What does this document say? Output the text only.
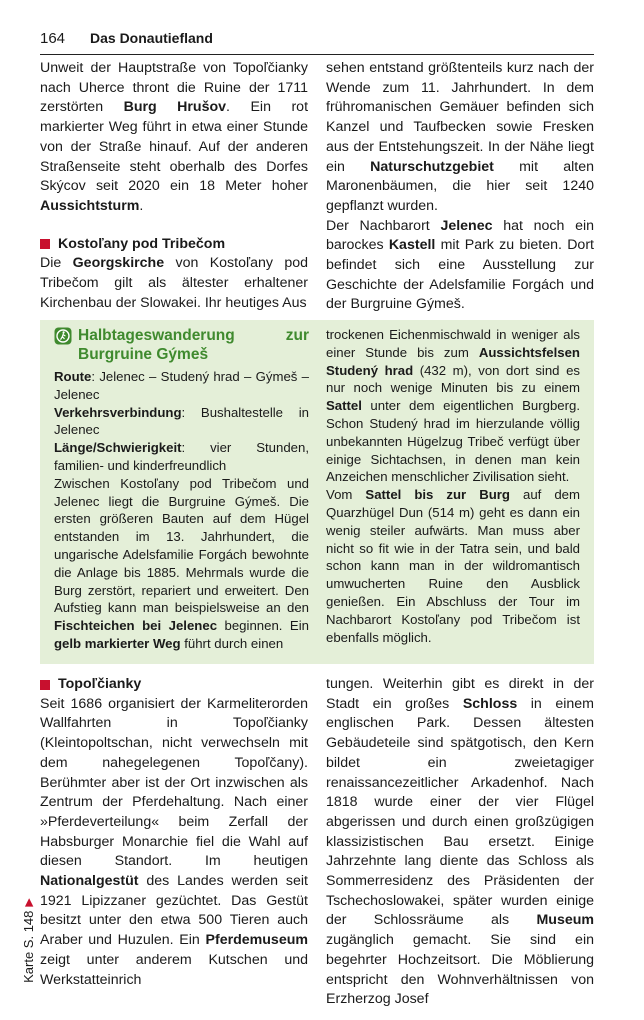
164 Das Donautiefland

Unweit der Hauptstraße von Topoľčianky nach Uherce thront die Ruine der 1711 zerstörten Burg Hrušov. Ein rot markierter Weg führt in etwa einer Stunde von der Straße hinauf. Auf der anderen Straßenseite steht oberhalb des Dorfes Skýcov seit 2020 ein 18 Meter hoher Aussichtsturm.

Kostoľany pod Tribečom

Die Georgskirche von Kostoľany pod Tribečom gilt als ältester erhaltener Kirchenbau der Slowakei. Ihr heutiges Aus

sehen entstand größtenteils kurz nach der Wende zum 11. Jahrhundert. In dem frühromanischen Gemäuer befinden sich Kanzel und Taufbecken sowie Fresken aus der Entstehungszeit. In der Nähe liegt ein Naturschutzgebiet mit alten Maronenbäumen, die hier seit 1240 gepflanzt wurden.

Der Nachbarort Jelenec hat noch ein barockes Kastell mit Park zu bieten. Dort befindet sich eine Ausstellung zur Geschichte der Adelsfamilie Forgách und der Burgruine Gýmeš.

Halbtageswanderung zur Burgruine Gýmeš

Route: Jelenec – Studený hrad – Gýmeš – Jelenec

Verkehrsverbindung: Bushaltestelle in Jelenec

Länge/Schwierigkeit: vier Stunden, familien- und kinderfreundlich

Zwischen Kostoľany pod Tribečom und Jelenec liegt die Burgruine Gýmeš. Die ersten größeren Bauten auf dem Hügel entstanden im 13. Jahrhundert, die ungarische Adelsfamilie Forgách bewohnte die Anlage bis 1885. Mehrmals wurde die Burg zerstört, repariert und erweitert. Den Aufstieg kann man beispielsweise an den Fischteichen bei Jelenec beginnen. Ein gelb markierter Weg führt durch einen

trockenen Eichenmischwald in weniger als einer Stunde bis zum Aussichtsfelsen Studený hrad (432 m), von dort sind es nur noch wenige Minuten bis zu einem Sattel unter dem eigentlichen Burgberg. Schon Studený hrad im hierzulande völlig unbekannten Hügelzug Tribeč verfügt über einige Sichtachsen, in denen man kein Anzeichen menschlicher Zivilisation sieht.

Vom Sattel bis zur Burg auf dem Quarzhügel Dun (514 m) geht es dann ein wenig steiler aufwärts. Man muss aber nicht so fit wie in der Tatra sein, und bald schon kann man in der wildromantisch umwucherten Ruine den Ausblick genießen. Ein Abschluss der Tour im Nachbarort Kostoľany pod Tribečom ist ebenfalls möglich.

Topoľčianky

Seit 1686 organisiert der Karmeliterorden Wallfahrten in Topoľčianky (Kleintopoltschan, nicht verwechseln mit dem nahegelegenen Topoľčany). Berühmter aber ist der Ort inzwischen als Zentrum der Pferdehaltung. Nach einer »Pferdeverteilung« beim Zerfall der Habsburger Monarchie fiel die Wahl auf diesen Standort. Im heutigen Nationalgestüt des Landes werden seit 1921 Lipizzaner gezüchtet. Das Gestüt besitzt unter den etwa 500 Tieren auch Araber und Huzulen. Ein Pferdemuseum zeigt unter anderem Kutschen und Werkstatteinrich

tungen. Weiterhin gibt es direkt in der Stadt ein großes Schloss in einem englischen Park. Dessen ältesten Gebäudeteile sind spätgotisch, den Kern bildet ein zweietagiger renaissancezeitlicher Arkadenhof. Nach 1818 wurde einer der vier Flügel abgerissen und durch einen großzügigen klassizistischen Bau ersetzt. Einige Jahrzehnte lang diente das Schloss als Sommerresidenz des Präsidenten der Tschechoslowakei, später wurden einige der Schlossräume als Museum zugänglich gemacht. Sie sind ein begehrter Hochzeitsort. Die Möblierung entspricht den Wohnverhältnissen von Erzherzog Josef

Karte S. 148
▶
